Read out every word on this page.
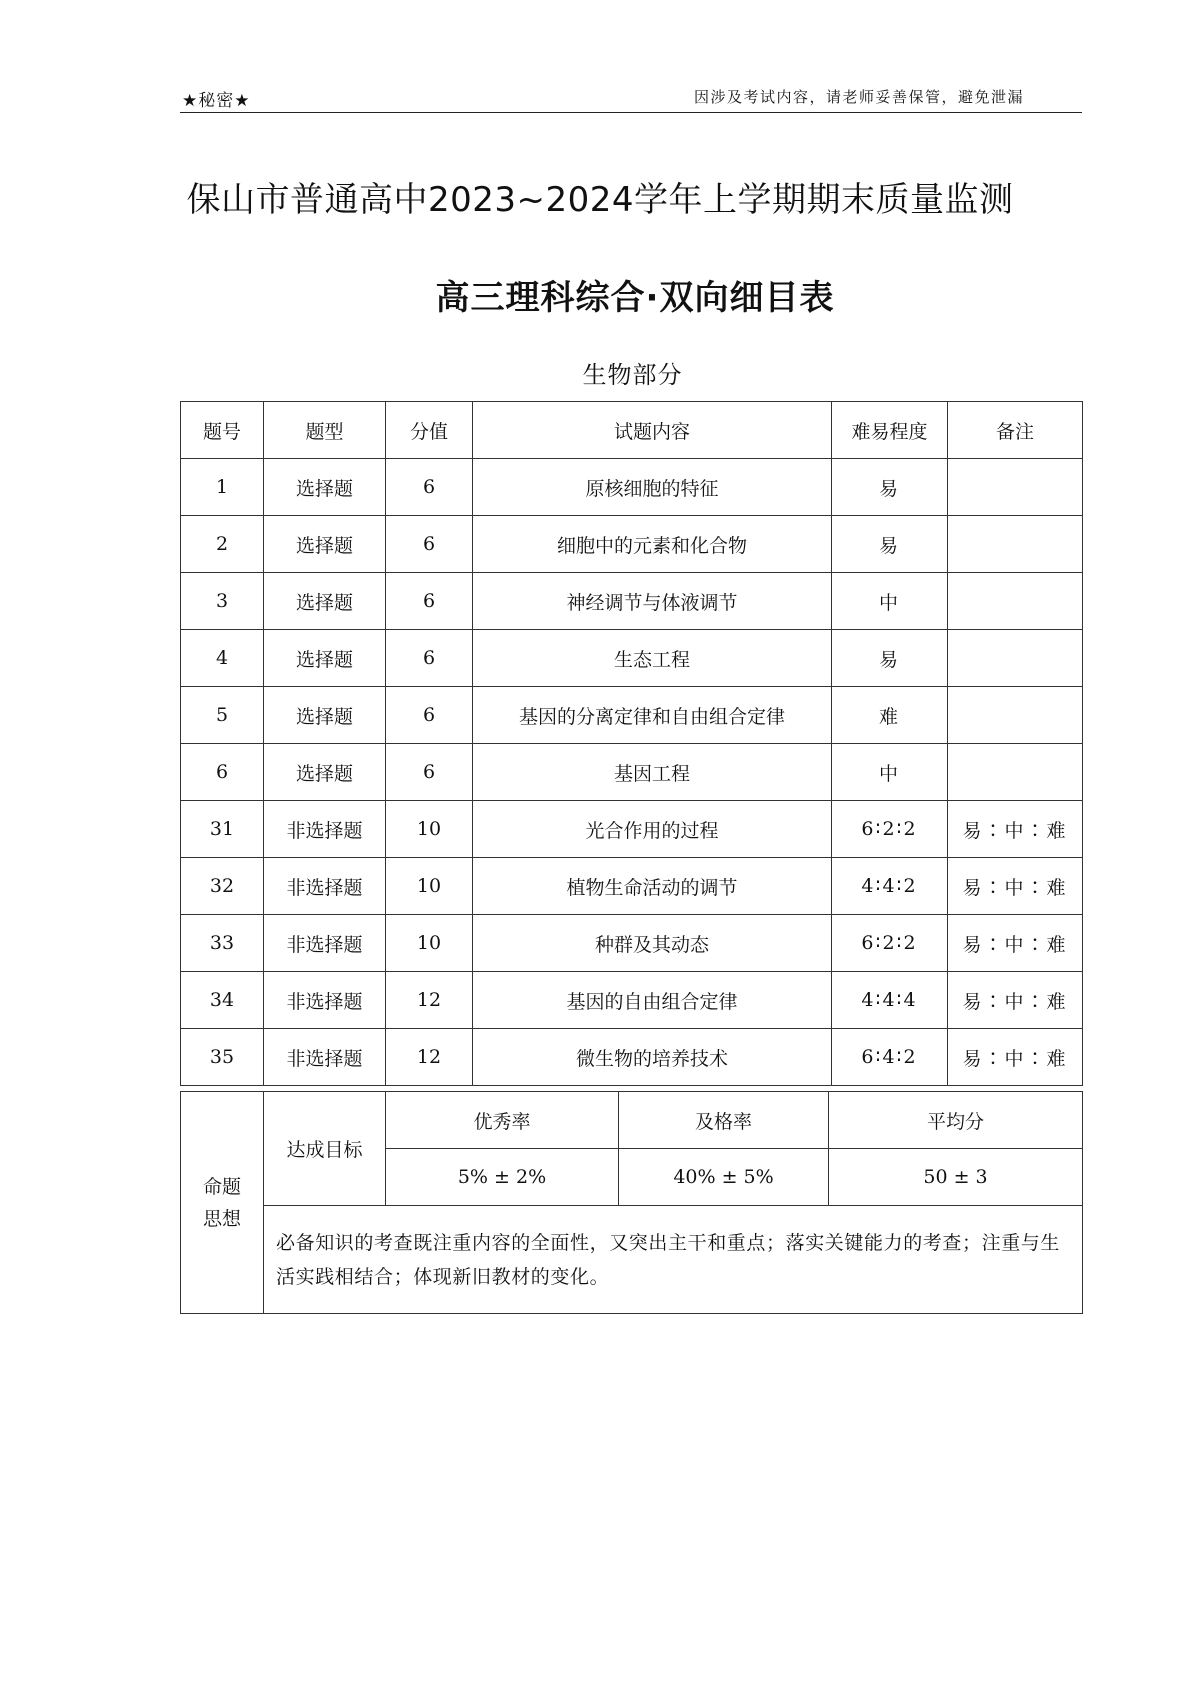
★秘密★	因涉及考试内容，请老师妥善保管，避免泄漏
保山市普通高中2023~2024学年上学期期末质量监测
高三理科综合·双向细目表
生物部分
题号	题型	分值	试题内容	难易程度	备注
1	选择题	6	原核细胞的特征	易	
2	选择题	6	细胞中的元素和化合物	易	
3	选择题	6	神经调节与体液调节	中	
4	选择题	6	生态工程	易	
5	选择题	6	基因的分离定律和自由组合定律	难	
6	选择题	6	基因工程	中	
31	非选择题	10	光合作用的过程	6∶2∶2	易∶中∶难
32	非选择题	10	植物生命活动的调节	4∶4∶2	易∶中∶难
33	非选择题	10	种群及其动态	6∶2∶2	易∶中∶难
34	非选择题	12	基因的自由组合定律	4∶4∶4	易∶中∶难
35	非选择题	12	微生物的培养技术	6∶4∶2	易∶中∶难
命题
思想	达成目标	优秀率	及格率	平均分
		5% ± 2%	40% ± 5%	50 ± 3
	必备知识的考查既注重内容的全面性，又突出主干和重点；落实关键能力的考查；注重与生活实践相结合；体现新旧教材的变化。			
